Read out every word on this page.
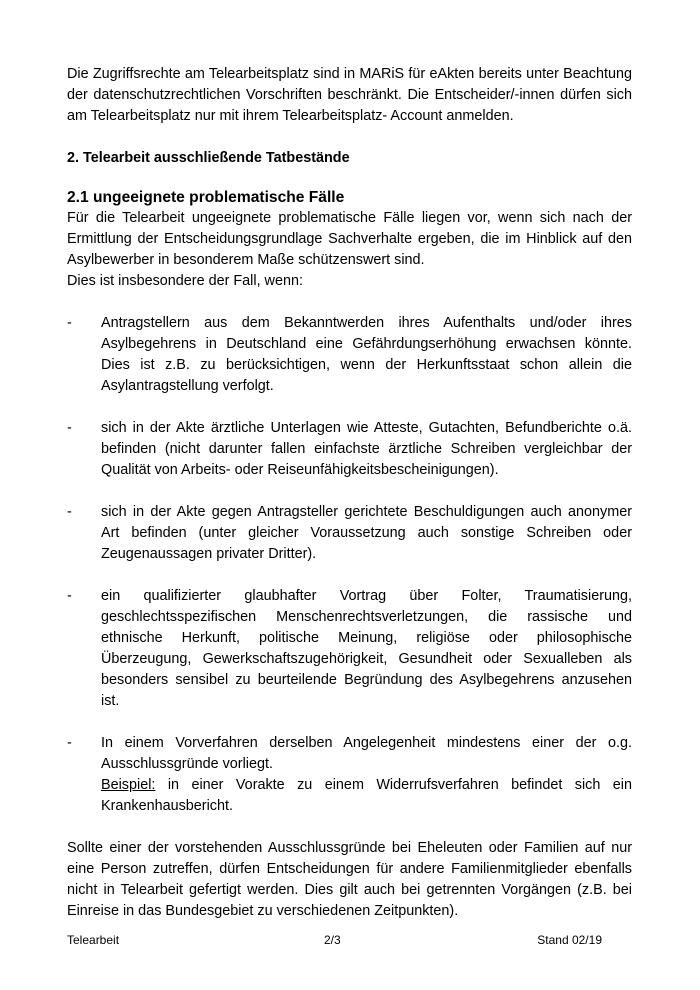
Die Zugriffsrechte am Telearbeitsplatz sind in MARiS für eAkten bereits unter Beachtung der datenschutzrechtlichen Vorschriften beschränkt. Die Entscheider/-innen dürfen sich am Telearbeitsplatz nur mit ihrem Telearbeitsplatz- Account anmelden.

2. Telearbeit ausschließende Tatbestände
2.1 ungeeignete problematische Fälle

Für die Telearbeit ungeeignete problematische Fälle liegen vor, wenn sich nach der Ermittlung der Entscheidungsgrundlage Sachverhalte ergeben, die im Hinblick auf den Asylbewerber in besonderem Maße schützenswert sind.

Dies ist insbesondere der Fall, wenn:

- Antragstellern aus dem Bekanntwerden ihres Aufenthalts und/oder ihres Asylbegehrens in Deutschland eine Gefährdungserhöhung erwachsen könnte. Dies ist z.B. zu berücksichtigen, wenn der Herkunftsstaat schon allein die Asylantragstellung verfolgt.
- sich in der Akte ärztliche Unterlagen wie Atteste, Gutachten, Befundberichte o.ä. befinden (nicht darunter fallen einfachste ärztliche Schreiben vergleichbar der Qualität von Arbeits- oder Reiseunfähigkeitsbescheinigungen).
- sich in der Akte gegen Antragsteller gerichtete Beschuldigungen auch anonymer Art befinden (unter gleicher Voraussetzung auch sonstige Schreiben oder Zeugenaussagen privater Dritter).
- ein qualifizierter glaubhafter Vortrag über Folter, Traumatisierung, geschlechtsspezifischen Menschenrechtsverletzungen, die rassische und ethnische Herkunft, politische Meinung, religiöse oder philosophische Überzeugung, Gewerkschaftszugehörigkeit, Gesundheit oder Sexualleben als besonders sensibel zu beurteilende Begründung des Asylbegehrens anzusehen ist.
- In einem Vorverfahren derselben Angelegenheit mindestens einer der o.g. Ausschlussgründe vorliegt.
Beispiel: in einer Vorakte zu einem Widerrufsverfahren befindet sich ein Krankenhausbericht.

Sollte einer der vorstehenden Ausschlussgründe bei Eheleuten oder Familien auf nur eine Person zutreffen, dürfen Entscheidungen für andere Familienmitglieder ebenfalls nicht in Telearbeit gefertigt werden. Dies gilt auch bei getrennten Vorgängen (z.B. bei Einreise in das Bundesgebiet zu verschiedenen Zeitpunkten).

Telearbeit	2/3	Stand 02/19
